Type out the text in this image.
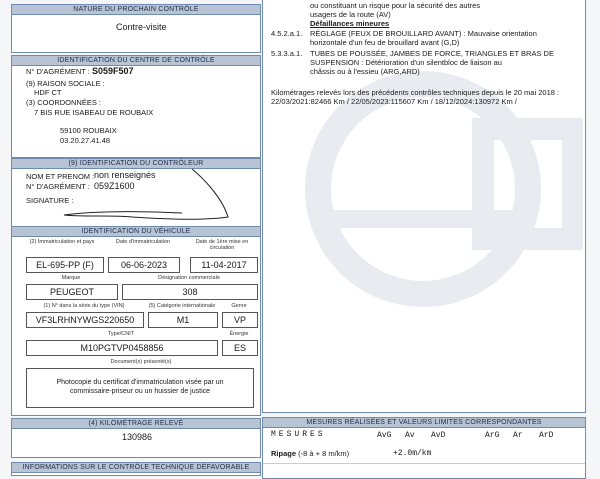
NATURE DU PROCHAIN CONTRÔLE
Contre-visite
IDENTIFICATION DU CENTRE DE CONTRÔLE
N° D'AGRÉMENT : S059F507
(9) RAISON SOCIALE :
HDF CT
(3) COORDONNÉES :
7 BIS RUE ISABEAU DE ROUBAIX
59100 ROUBAIX
03.20.27.41.48
(9) IDENTIFICATION DU CONTRÔLEUR
NOM ET PRENOM : non renseignés
N° D'AGRÉMENT : 059Z1600
SIGNATURE :
IDENTIFICATION DU VÉHICULE
(2) Immatriculation et pays	Date d'immatriculation	Date de 1ère mise en circulation
EL-695-PP (F)	06-06-2023	11-04-2017
Marque	Désignation commerciale
PEUGEOT	308
(1) N° dans la série du type (VIN)	(5) Catégorie internationale	Genre
VF3LRHNYWGS220650	M1	VP
Type/CNIT	Énergie
M10PGTVP0458856	ES
Document(s) présenté(s)
Photocopie du certificat d'immatriculation visée par un commissaire-priseur ou un huissier de justice
(4) KILOMÉTRAGE RELEVÉ
130986
INFORMATIONS SUR LE CONTRÔLE TECHNIQUE DÉFAVORABLE
ou constituant un risque pour la sécurité des autres
usagers de la route (AV)
Défaillances mineures
4.5.2.a.1. RÉGLAGE (FEUX DE BROUILLARD AVANT) : Mauvaise orientation
horizontale d'un feu de brouillard avant (G,D)
5.3.3.a.1. TUBES DE POUSSÉE, JAMBES DE FORCE, TRIANGLES ET BRAS DE
SUSPENSION : Détérioration d'un silentbloc de liaison au
châssis ou à l'essieu (ARG,ARD)
Kilométrages relevés lors des précédents contrôles techniques depuis le 20 mai 2018 :
22/03/2021:82466 Km / 22/05/2023:115607 Km / 18/12/2024:130972 Km /
MESURES RÉALISÉES ET VALEURS LIMITES CORRESPONDANTES
MESURES	AvG Av AvD	ArG Ar ArD
Ripage (-8 à + 8 m/km)	+2.0m/km
